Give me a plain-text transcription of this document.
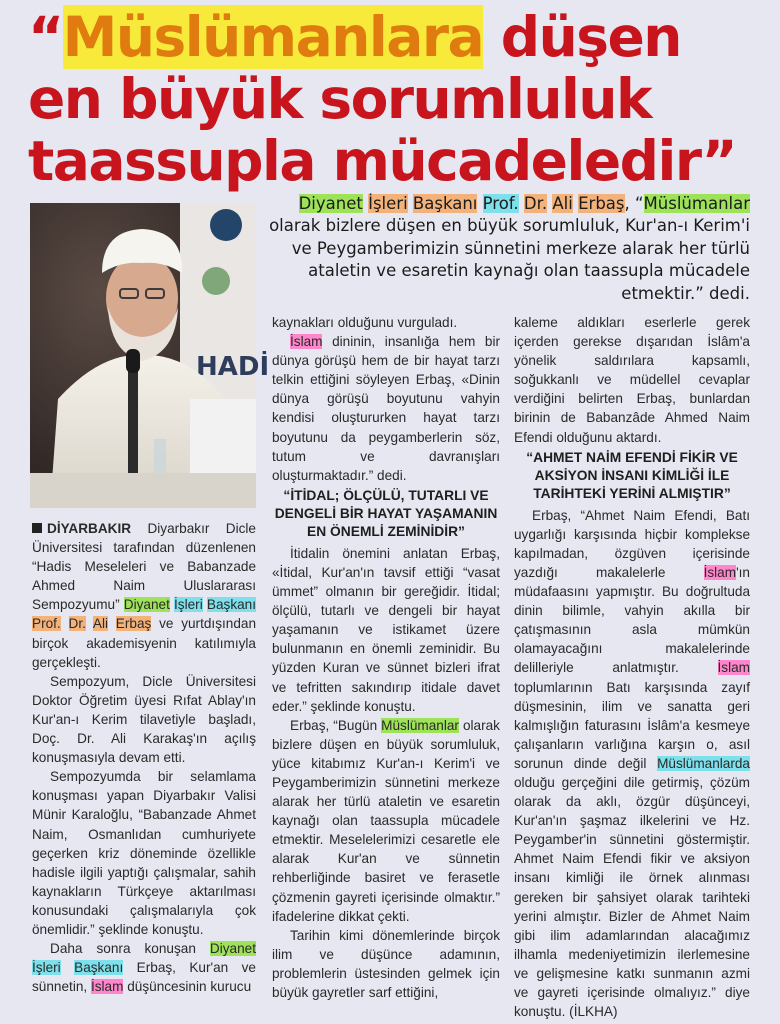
“Müslümanlara düşen
en büyük sorumluluk
taassupla mücadeledir”
HADİ

Diyanet İşleri Başkanı Prof. Dr. Ali Erbaş, “Müslümanlar olarak bizlere düşen en büyük sorumluluk, Kur'an-ı Kerim'i ve Peygamberimizin sünnetini merkeze alarak her türlü ataletin ve esaretin kaynağı olan taassupla mücadele etmektir.” dedi.

DİYARBAKIR Diyarbakır Dicle Üniversitesi tarafından düzenlenen “Hadis Meseleleri ve Babanzade Ahmed Naim Uluslararası Sempozyumu” Diyanet İşleri Başkanı Prof. Dr. Ali Erbaş ve yurtdışından birçok akademisyenin katılımıyla gerçekleşti.

Sempozyum, Dicle Üniversitesi Doktor Öğretim üyesi Rıfat Ablay'ın Kur'an-ı Kerim tilavetiyle başladı, Doç. Dr. Ali Karakaş'ın açılış konuşmasıyla devam etti.

Sempozyumda bir selamlama konuşması yapan Diyarbakır Valisi Münir Karaloğlu, “Babanzade Ahmet Naim, Osmanlıdan cumhuriyete geçerken kriz döneminde özellikle hadisle ilgili yaptığı çalışmalar, sahih kaynakların Türkçeye aktarılması konusundaki çalışmalarıyla çok önemlidir.” şeklinde konuştu.

Daha sonra konuşan Diyanet İşleri Başkanı Erbaş, Kur'an ve sünnetin, İslam düşüncesinin kurucu

kaynakları olduğunu vurguladı.

İslam dininin, insanlığa hem bir dünya görüşü hem de bir hayat tarzı telkin ettiğini söyleyen Erbaş, «Dinin dünya görüşü boyutunu vahyin kendisi oluştururken hayat tarzı boyutunu da peygamberlerin söz, tutum ve davranışları oluşturmaktadır.” dedi.

“İTİDAL; ÖLÇÜLÜ, TUTARLI VE DENGELİ BİR HAYAT YAŞAMANIN EN ÖNEMLİ ZEMİNİDİR”

İtidalin önemini anlatan Erbaş, «İtidal, Kur'an'ın tavsif ettiği “vasat ümmet” olmanın bir gereğidir. İtidal; ölçülü, tutarlı ve dengeli bir hayat yaşamanın ve istikamet üzere bulunmanın en önemli zeminidir. Bu yüzden Kuran ve sünnet bizleri ifrat ve tefritten sakındırıp itidale davet eder.” şeklinde konuştu.

Erbaş, “Bugün Müslümanlar olarak bizlere düşen en büyük sorumluluk, yüce kitabımız Kur'an-ı Kerim'i ve Peygamberimizin sünnetini merkeze alarak her türlü ataletin ve esaretin kaynağı olan taassupla mücadele etmektir. Meselelerimizi cesaretle ele alarak Kur'an ve sünnetin rehberliğinde basiret ve ferasetle çözmenin gayreti içerisinde olmaktır.” ifadelerine dikkat çekti.

Tarihin kimi dönemlerinde birçok ilim ve düşünce adamının, problemlerin üstesinden gelmek için büyük gayretler sarf ettiğini,

kaleme aldıkları eserlerle gerek içerden gerekse dışarıdan İslâm'a yönelik saldırılara kapsamlı, soğukkanlı ve müdellel cevaplar verdiğini belirten Erbaş, bunlardan birinin de Babanzâde Ahmed Naim Efendi olduğunu aktardı.

“AHMET NAİM EFENDİ FİKİR VE AKSİYON İNSANI KİMLİĞİ İLE TARİHTEKİ YERİNİ ALMIŞTIR”

Erbaş, “Ahmet Naim Efendi, Batı uygarlığı karşısında hiçbir komplekse kapılmadan, özgüven içerisinde yazdığı makalelerle İslam'ın müdafaasını yapmıştır. Bu doğrultuda dinin bilimle, vahyin akılla bir çatışmasının asla mümkün olamayacağını makalelerinde delilleriyle anlatmıştır. İslam toplumlarının Batı karşısında zayıf düşmesinin, ilim ve sanatta geri kalmışlığın faturasını İslâm'a kesmeye çalışanların varlığına karşın o, asıl sorunun dinde değil Müslümanlarda olduğu gerçeğini dile getirmiş, çözüm olarak da aklı, özgür düşünceyi, Kur'an'ın şaşmaz ilkelerini ve Hz. Peygamber'in sünnetini göstermiştir. Ahmet Naim Efendi fikir ve aksiyon insanı kimliği ile örnek alınması gereken bir şahsiyet olarak tarihteki yerini almıştır. Bizler de Ahmet Naim gibi ilim adamlarından alacağımız ilhamla medeniyetimizin ilerlemesine ve gelişmesine katkı sunmanın azmi ve gayreti içerisinde olmalıyız.” diye konuştu. (İLKHA)
